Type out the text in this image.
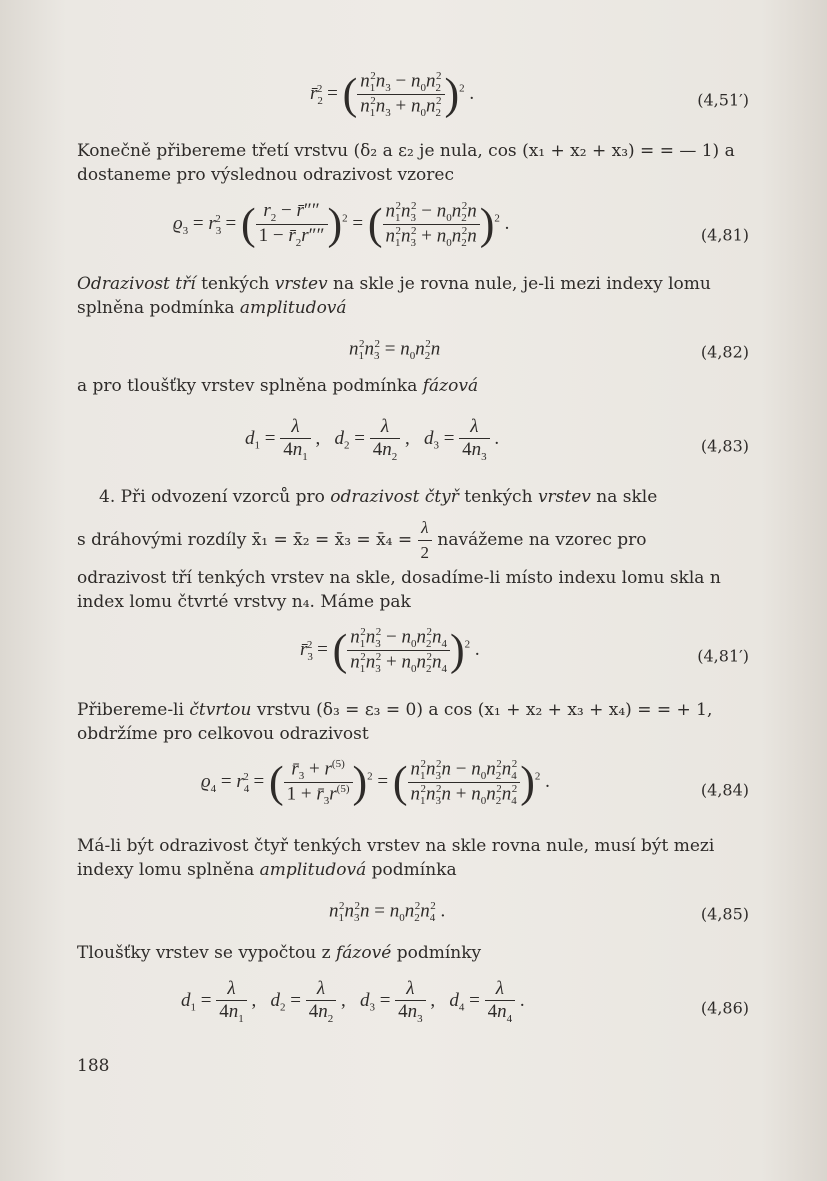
$r̄_2^2$ = ( $\frac{n_1^2n_3 - n_0n_2^2}{n_1^2n_3 + n_0n_2^2} )^2$ .	(4,51′)

Konečně přibereme třetí vrstvu (δ₂ a ε₂ je nula, cos (x₁ + x₂ + x₃) = = — 1) a dostaneme pro výslednou odrazivost vzorec

$ϱ_3 = r_3^2$ = ( $\frac{r_2 - r̄''''}{1 - r̄_2r''''} )^2$ = ( $\frac{n_1^2n_3^2 - n_0n_2^2n}{n_1^2n_3^2 + n_0n_2^2n} )^2$ .
(4,81)

Odrazivost tří tenkých vrstev na skle je rovna nule, je-li mezi indexy lomu splněna podmínka amplitudová

$n_1^2n_3^2 = n_0n_2^2n$	(4,82)

a pro tloušťky vrstev splněna podmínka fázová

$d_1 = \frac{\lambda}{4n_1}$ ,   $d_2 = \frac{\lambda}{4n_2}$ ,   $d_3 = \frac{\lambda}{4n_3}$ .	(4,83)

4. Při odvození vzorců pro odrazivost čtyř tenkých vrstev na skle

s dráhovými rozdíly x̄₁ = x̄₂ = x̄₃ = x̄₄ = $\frac{\lambda}{2}$ navážeme na vzorec pro

odrazivost tří tenkých vrstev na skle, dosadíme-li místo indexu lomu skla n index lomu čtvrté vrstvy n₄. Máme pak

$r̄_3^2$ = ( $\frac{n_1^2n_3^2 - n_0n_2^2n_4}{n_1^2n_3^2 + n_0n_2^2n_4} )^2$ .	(4,81′)

Přibereme-li čtvrtou vrstvu (δ₃ = ε₃ = 0) a cos (x₁ + x₂ + x₃ + x₄) = = + 1, obdržíme pro celkovou odrazivost

$ϱ_4 = r_4^2$ = ( $\frac{r̄_3 + r^{(5)}}{1 + r̄_3r^{(5)}} )^2$ = ( $\frac{n_1^2n_3^2n - n_0n_2^2n_4^2}{n_1^2n_3^2n + n_0n_2^2n_4^2} )^2$ .	(4,84)

Má-li být odrazivost čtyř tenkých vrstev na skle rovna nule, musí být mezi indexy lomu splněna amplitudová podmínka

$n_1^2n_3^2n = n_0n_2^2n_4^2$ .	(4,85)

Tloušťky vrstev se vypočtou z fázové podmínky

$d_1 = \frac{\lambda}{4n_1}$ ,   $d_2 = \frac{\lambda}{4n_2}$ ,   $d_3 = \frac{\lambda}{4n_3}$ ,   $d_4 = \frac{\lambda}{4n_4}$ .	(4,86)
188
